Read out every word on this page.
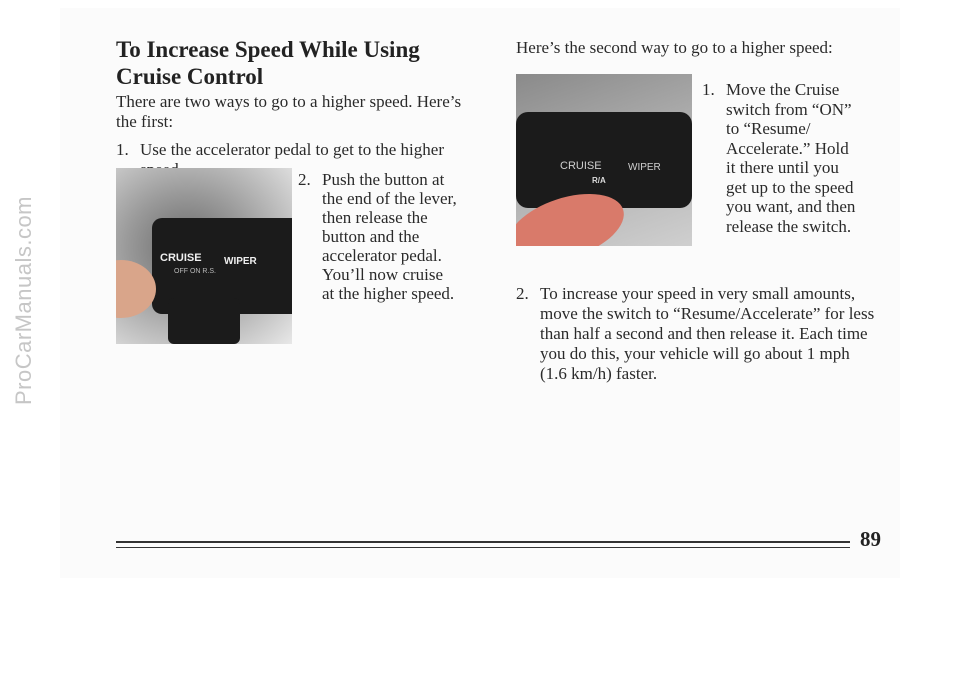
ProCarManuals.com
To Increase Speed While Using Cruise Control

There are two ways to go to a higher speed. Here’s the first:

1. Use the accelerator pedal to get to the higher
CRUISE WIPER
OFF ON R.S.
2. Push the button at the end of the lever, then release the button and the accelerator pedal. You’ll now cruise at the higher speed.

Here’s the second way to go to a higher speed:

CRUISE	WIPER
R/A
1. Move the Cruise switch from “ON” to “Resume/ Accelerate.” Hold it there until you get up to the speed you want, and then release the switch.
2. To increase your speed in very small amounts, move the switch to “Resume/Accelerate” for less than half a second and then release it. Each time you do this, your vehicle will go about 1 mph (1.6 km/h) faster.

89
